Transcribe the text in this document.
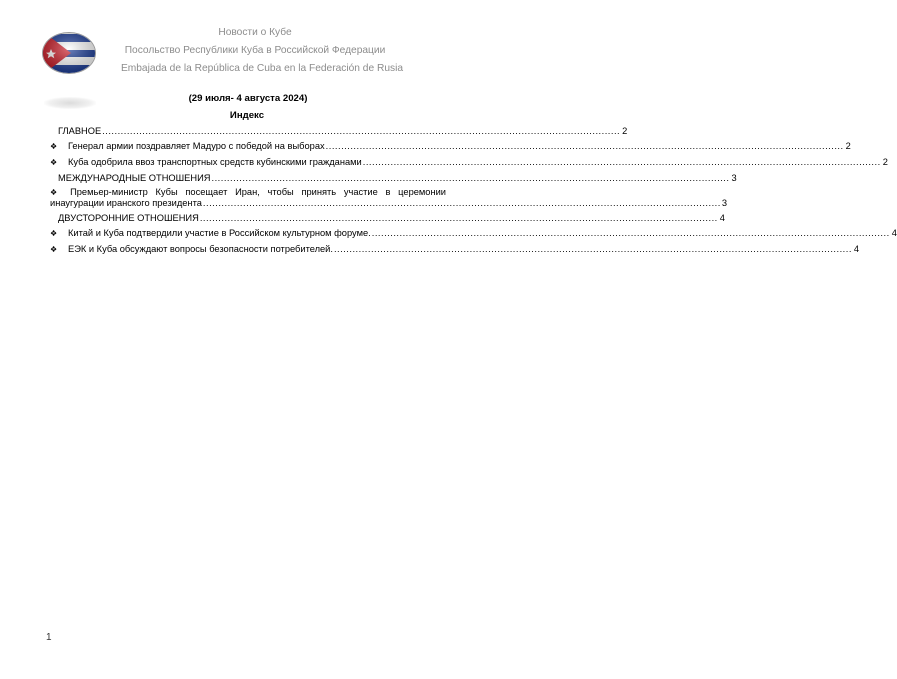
Новости о Кубе
Посольство Республики Куба в Российской Федерации
Embajada de la República de Cuba en la Federación de Rusia
(29 июля- 4 августа 2024)
Индекс
ГЛАВНОЕ ........................................................................................................................................................................ 2
❖	Генерал армии поздравляет Мадуро с победой на выборах ........................................................................................................................................................................ 2
❖	Куба одобрила ввоз транспортных средств кубинскими гражданами ........................................................................................................................................................................ 2
МЕЖДУНАРОДНЫЕ ОТНОШЕНИЯ ........................................................................................................................................................................ 3
❖ Премьер-министр Кубы посещает Иран, чтобы принять участие в церемонии
инаугурации иранского президента ........................................................................................................................................................................ 3
ДВУСТОРОННИЕ ОТНОШЕНИЯ ........................................................................................................................................................................ 4
❖	Китай и Куба подтвердили участие в Российском культурном форуме. ........................................................................................................................................................................ 4
❖	ЕЭК и Куба обсуждают вопросы безопасности потребителей. ........................................................................................................................................................................ 4
1
